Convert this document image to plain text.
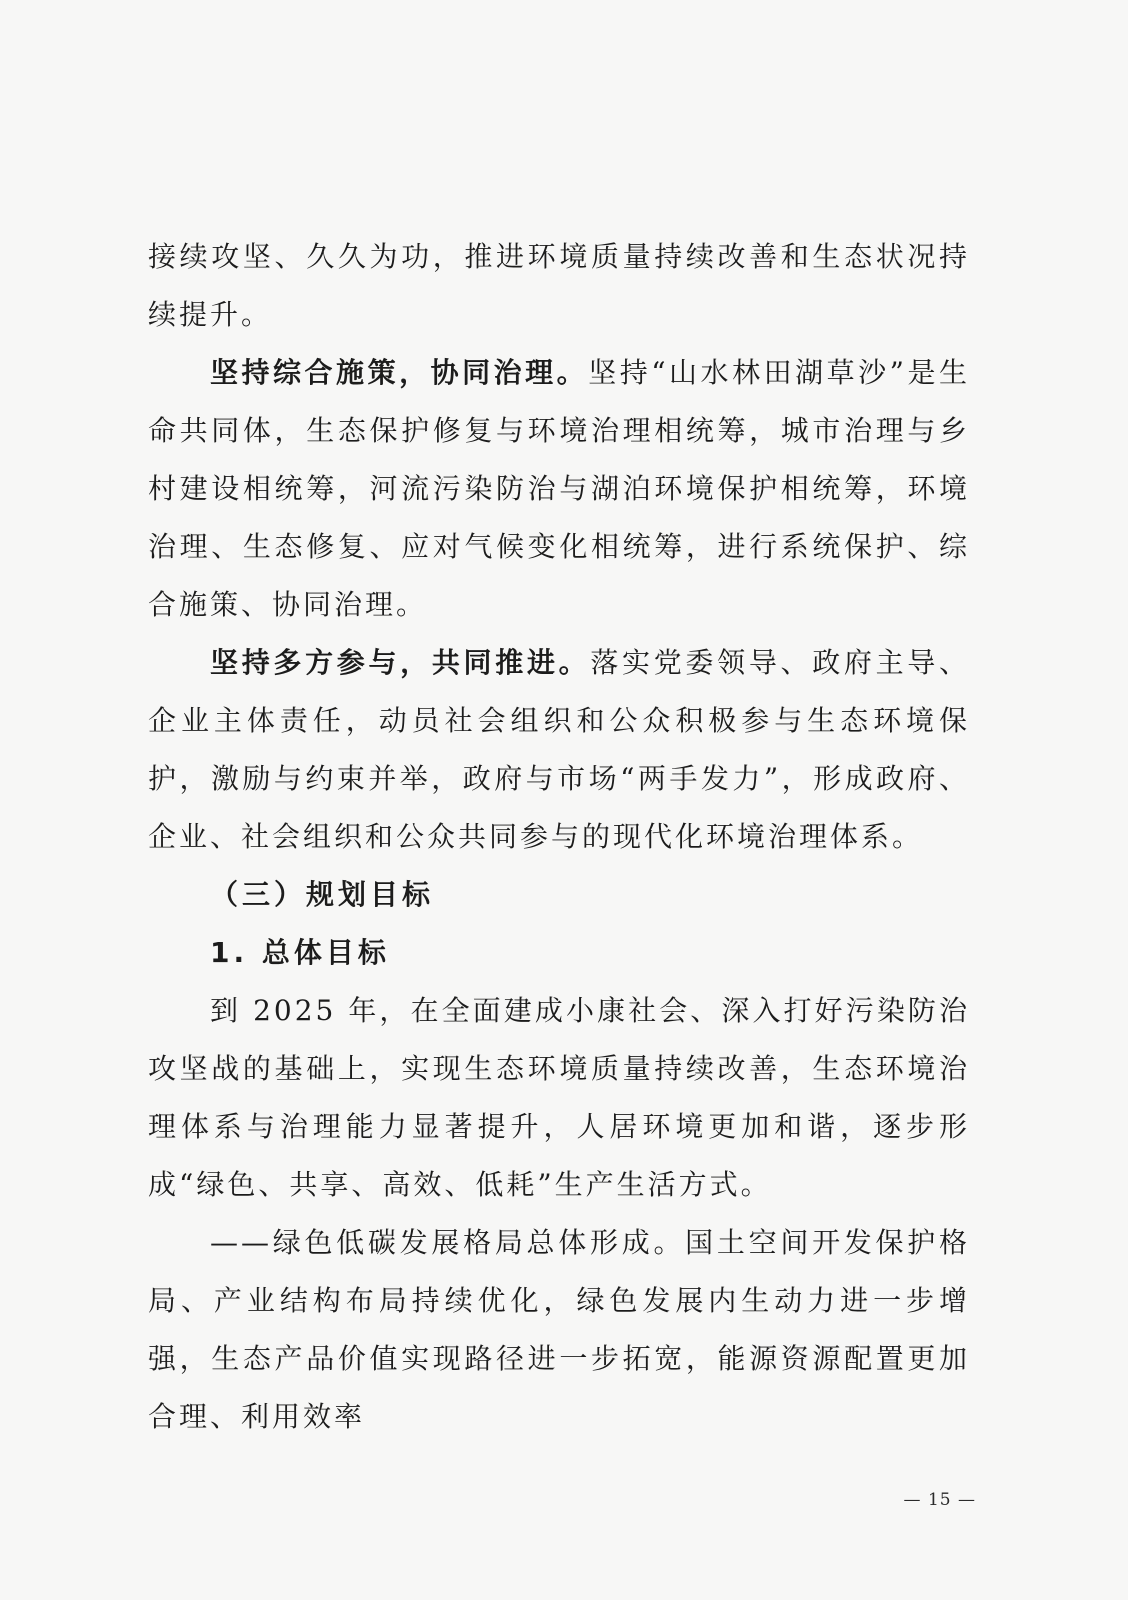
接续攻坚、久久为功，推进环境质量持续改善和生态状况持续提升。

坚持综合施策，协同治理。坚持“山水林田湖草沙”是生命共同体，生态保护修复与环境治理相统筹，城市治理与乡村建设相统筹，河流污染防治与湖泊环境保护相统筹，环境治理、生态修复、应对气候变化相统筹，进行系统保护、综合施策、协同治理。

坚持多方参与，共同推进。落实党委领导、政府主导、企业主体责任，动员社会组织和公众积极参与生态环境保护，激励与约束并举，政府与市场“两手发力”，形成政府、企业、社会组织和公众共同参与的现代化环境治理体系。

（三）规划目标

1. 总体目标

到 2025 年，在全面建成小康社会、深入打好污染防治攻坚战的基础上，实现生态环境质量持续改善，生态环境治理体系与治理能力显著提升，人居环境更加和谐，逐步形成“绿色、共享、高效、低耗”生产生活方式。

——绿色低碳发展格局总体形成。国土空间开发保护格局、产业结构布局持续优化，绿色发展内生动力进一步增强，生态产品价值实现路径进一步拓宽，能源资源配置更加合理、利用效率

— 15 —
